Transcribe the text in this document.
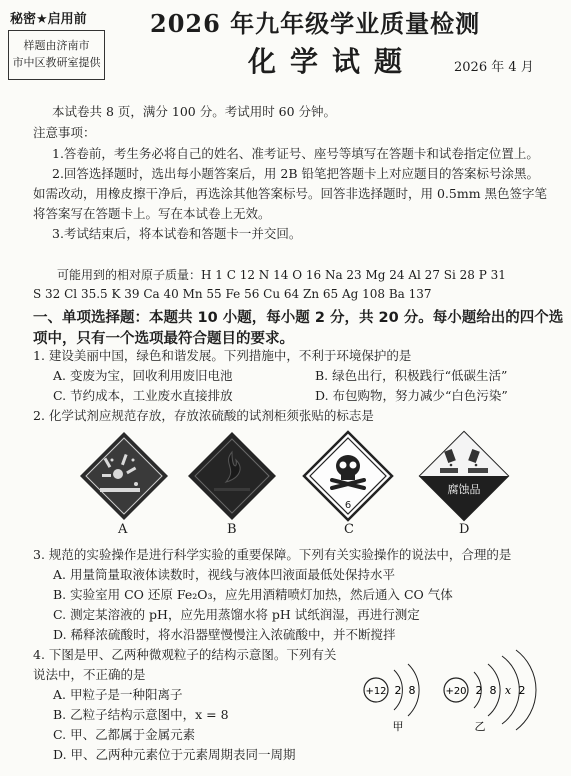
秘密★启用前
样题由济南市
市中区教研室提供
2026 年九年级学业质量检测
化学试题	2026 年 4 月
本试卷共 8 页，满分 100 分。考试用时 60 分钟。
注意事项：
1.答卷前，考生务必将自己的姓名、准考证号、座号等填写在答题卡和试卷指定位置上。
2.回答选择题时，选出每小题答案后，用 2B 铅笔把答题卡上对应题目的答案标号涂黑。
如需改动，用橡皮擦干净后，再选涂其他答案标号。回答非选择题时，用 0.5mm 黑色签字笔
将答案写在答题卡上。写在本试卷上无效。
3.考试结束后，将本试卷和答题卡一并交回。
可能用到的相对原子质量：H 1 C 12 N 14 O 16 Na 23 Mg 24 Al 27 Si 28 P 31
S 32 Cl 35.5 K 39 Ca 40 Mn 55 Fe 56 Cu 64 Zn 65 Ag 108 Ba 137
一、单项选择题：本题共 10 小题，每小题 2 分，共 20 分。每小题给出的四个选
项中，只有一个选项最符合题目的要求。
1. 建设美丽中国，绿色和谐发展。下列措施中，不利于环境保护的是
A. 变废为宝，回收利用废旧电池	B. 绿色出行，积极践行“低碳生活”
C. 节约成本，工业废水直接排放	D. 布包购物，努力减少“白色污染”
2. 化学试剂应规范存放，存放浓硫酸的试剂柜须张贴的标志是
6
腐蚀品
A	B	C	D
3. 规范的实验操作是进行科学实验的重要保障。下列有关实验操作的说法中，合理的是
A. 用量筒量取液体读数时，视线与液体凹液面最低处保持水平
B. 实验室用 CO 还原 Fe₂O₃，应先用酒精喷灯加热，然后通入 CO 气体
C. 测定某溶液的 pH，应先用蒸馏水将 pH 试纸润湿，再进行测定
D. 稀释浓硫酸时，将水沿器壁慢慢注入浓硫酸中，并不断搅拌
4. 下图是甲、乙两种微观粒子的结构示意图。下列有关
说法中，不正确的是
A. 甲粒子是一种阳离子
B. 乙粒子结构示意图中，x = 8
C. 甲、乙都属于金属元素
D. 甲、乙两种元素位于元素周期表同一周期
+12 2 8
甲
+20 2 8 x 2
乙
